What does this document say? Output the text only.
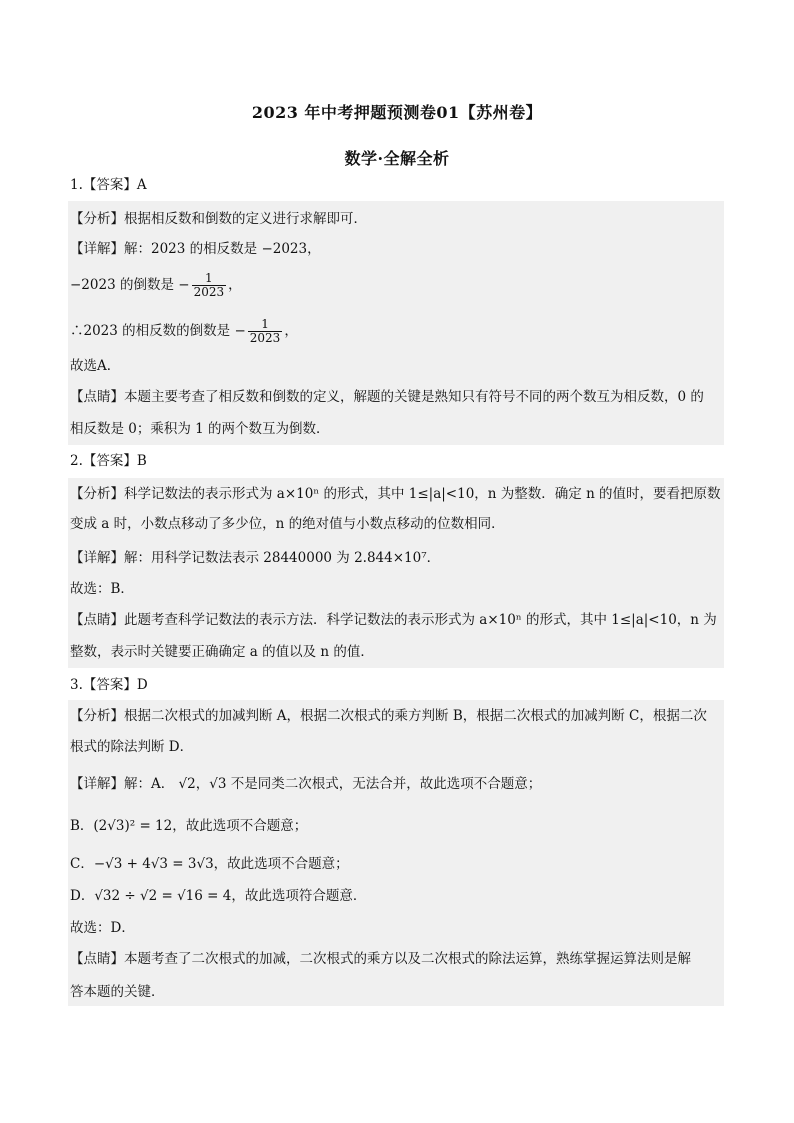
2023 年中考押题预测卷01【苏州卷】
数学·全解全析
1.【答案】A
【分析】根据相反数和倒数的定义进行求解即可．
【详解】解：2023 的相反数是 −2023，
−2023 的倒数是 − $\frac{1}{2023}$ ，
∴2023 的相反数的倒数是 − $\frac{1}{2023}$ ，
故选A．
【点睛】本题主要考查了相反数和倒数的定义，解题的关键是熟知只有符号不同的两个数互为相反数，0 的
相反数是 0；乘积为 1 的两个数互为倒数．
2.【答案】B
【分析】科学记数法的表示形式为 a×10ⁿ 的形式，其中 1≤|a|<10，n 为整数．确定 n 的值时，要看把原数
变成 a 时，小数点移动了多少位，n 的绝对值与小数点移动的位数相同．
【详解】解：用科学记数法表示 28440000 为 2.844×10⁷．
故选：B．
【点睛】此题考查科学记数法的表示方法．科学记数法的表示形式为 a×10ⁿ 的形式，其中 1≤|a|<10，n 为
整数，表示时关键要正确确定 a 的值以及 n 的值．
3.【答案】D
【分析】根据二次根式的加减判断 A，根据二次根式的乘方判断 B，根据二次根式的加减判断 C，根据二次
根式的除法判断 D．
【详解】解：A． √2，√3 不是同类二次根式，无法合并，故此选项不合题意；
B．(2√3)² = 12，故此选项不合题意；
C．−√3 + 4√3 = 3√3，故此选项不合题意；
D．√32 ÷ √2 = √16 = 4，故此选项符合题意．
故选：D．
【点睛】本题考查了二次根式的加减，二次根式的乘方以及二次根式的除法运算，熟练掌握运算法则是解
答本题的关键．
